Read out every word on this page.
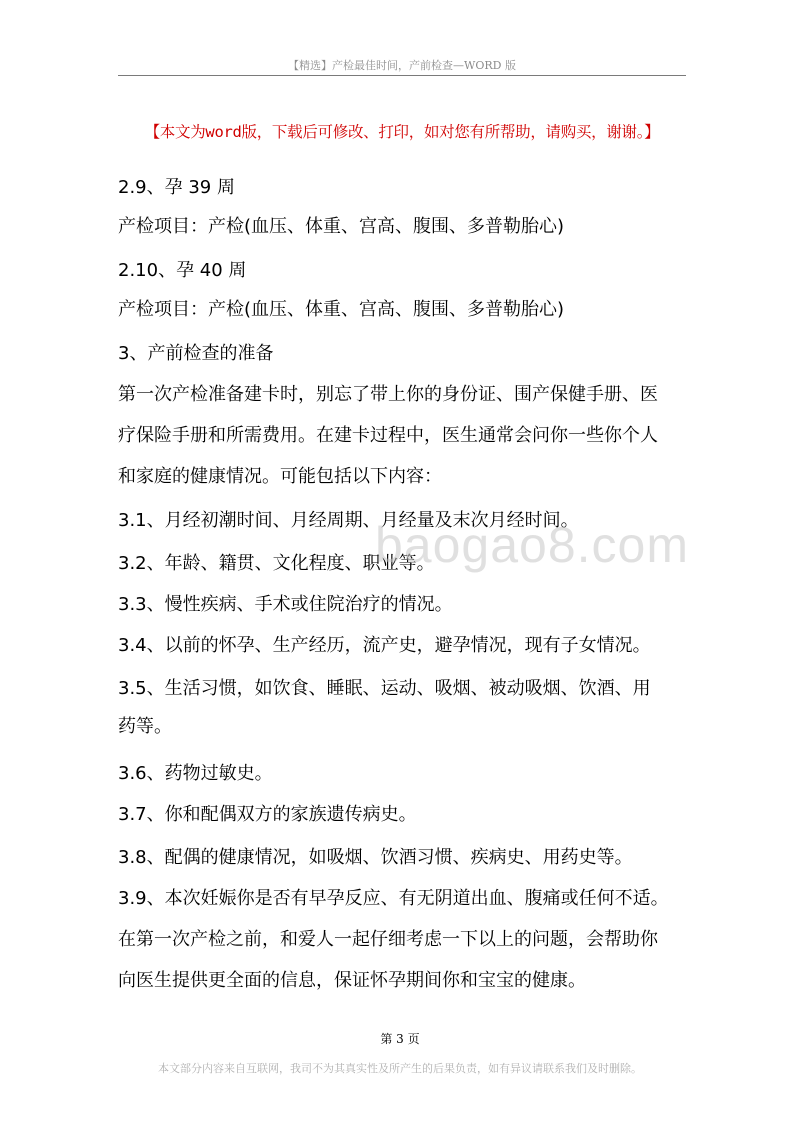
【精选】产检最佳时间，产前检查—WORD 版
【本文为word版，下载后可修改、打印，如对您有所帮助，请购买，谢谢。】
2.9、孕 39 周
产检项目：产检(血压、体重、宫高、腹围、多普勒胎心)
2.10、孕 40 周
产检项目：产检(血压、体重、宫高、腹围、多普勒胎心)
3、产前检查的准备
第一次产检准备建卡时，别忘了带上你的身份证、围产保健手册、医
疗保险手册和所需费用。在建卡过程中，医生通常会问你一些你个人
和家庭的健康情况。可能包括以下内容：
3.1、月经初潮时间、月经周期、月经量及末次月经时间。
3.2、年龄、籍贯、文化程度、职业等。
3.3、慢性疾病、手术或住院治疗的情况。
3.4、以前的怀孕、生产经历，流产史，避孕情况，现有子女情况。
3.5、生活习惯，如饮食、睡眠、运动、吸烟、被动吸烟、饮酒、用
药等。
3.6、药物过敏史。
3.7、你和配偶双方的家族遗传病史。
3.8、配偶的健康情况，如吸烟、饮酒习惯、疾病史、用药史等。
3.9、本次妊娠你是否有早孕反应、有无阴道出血、腹痛或任何不适。
在第一次产检之前，和爱人一起仔细考虑一下以上的问题，会帮助你
向医生提供更全面的信息，保证怀孕期间你和宝宝的健康。
baogao8.com
第 3 页
本文部分内容来自互联网，我司不为其真实性及所产生的后果负责，如有异议请联系我们及时删除。
